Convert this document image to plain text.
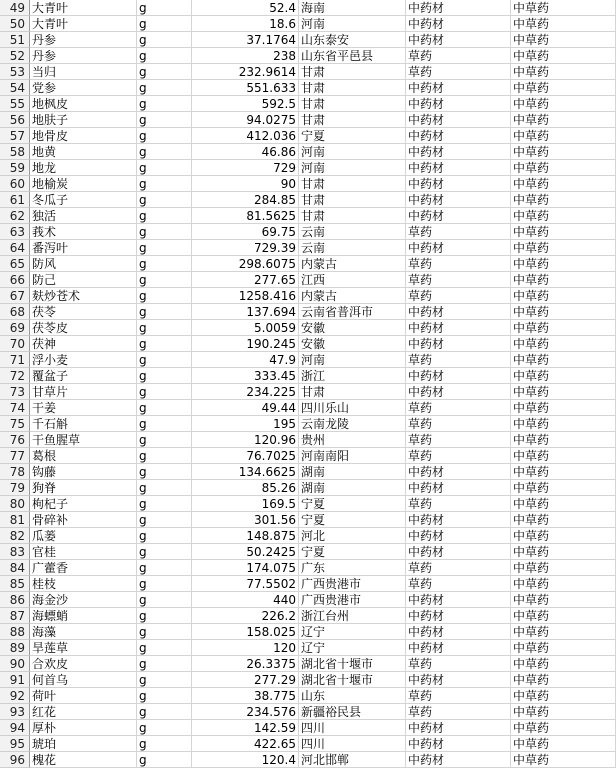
49 大青叶	g	52.4 海南	中药材	中草药
50 大青叶	g	18.6 河南	中药材	中草药
51 丹参	g	37.1764 山东泰安	中药材	中草药
52 丹参	g	238 山东省平邑县	草药	中草药
53 当归	g	232.9614 甘肃	草药	中草药
54 党参	g	551.633 甘肃	中药材	中草药
55 地枫皮	g	592.5 甘肃	中药材	中草药
56 地肤子	g	94.0275 甘肃	中药材	中草药
57 地骨皮	g	412.036 宁夏	中药材	中草药
58 地黄	g	46.86 河南	中药材	中草药
59 地龙	g	729 河南	中药材	中草药
60 地榆炭	g	90 甘肃	中药材	中草药
61 冬瓜子	g	284.85 甘肃	中药材	中草药
62 独活	g	81.5625 甘肃	中药材	中草药
63 莪术	g	69.75 云南	草药	中草药
64 番泻叶	g	729.39 云南	中药材	中草药
65 防风	g	298.6075 内蒙古	草药	中草药
66 防己	g	277.65 江西	草药	中草药
67 麸炒苍术	g	1258.416 内蒙古	草药	中草药
68 茯苓	g	137.694 云南省普洱市	中药材	中草药
69 茯苓皮	g	5.0059 安徽	中药材	中草药
70 茯神	g	190.245 安徽	中药材	中草药
71 浮小麦	g	47.9 河南	草药	中草药
72 覆盆子	g	333.45 浙江	中药材	中草药
73 甘草片	g	234.225 甘肃	中药材	中草药
74 干姜	g	49.44 四川乐山	草药	中草药
75 千石斛	g	195 云南龙陵	草药	中草药
76 干鱼腥草	g	120.96 贵州	草药	中草药
77 葛根	g	76.7025 河南南阳	草药	中草药
78 钩藤	g	134.6625 湖南	中药材	中草药
79 狗脊	g	85.26 湖南	中药材	中草药
80 枸杞子	g	169.5 宁夏	草药	中草药
81 骨碎补	g	301.56 宁夏	中药材	中草药
82 瓜蒌	g	148.875 河北	中药材	中草药
83 官桂	g	50.2425 宁夏	中药材	中草药
84 广藿香	g	174.075 广东	草药	中草药
85 桂枝	g	77.5502 广西贵港市	草药	中草药
86 海金沙	g	440 广西贵港市	中药材	中草药
87 海螵蛸	g	226.2 浙江台州	中药材	中草药
88 海藻	g	158.025 辽宁	中药材	中草药
89 旱莲草	g	120 辽宁	中药材	中草药
90 合欢皮	g	26.3375 湖北省十堰市	草药	中草药
91 何首乌	g	277.29 湖北省十堰市	中药材	中草药
92 荷叶	g	38.775 山东	草药	中草药
93 红花	g	234.576 新疆裕民县	草药	中草药
94 厚朴	g	142.59 四川	中药材	中草药
95 琥珀	g	422.65 四川	中药材	中草药
96 槐花	g	120.4 河北邯郸	中药材	中草药
